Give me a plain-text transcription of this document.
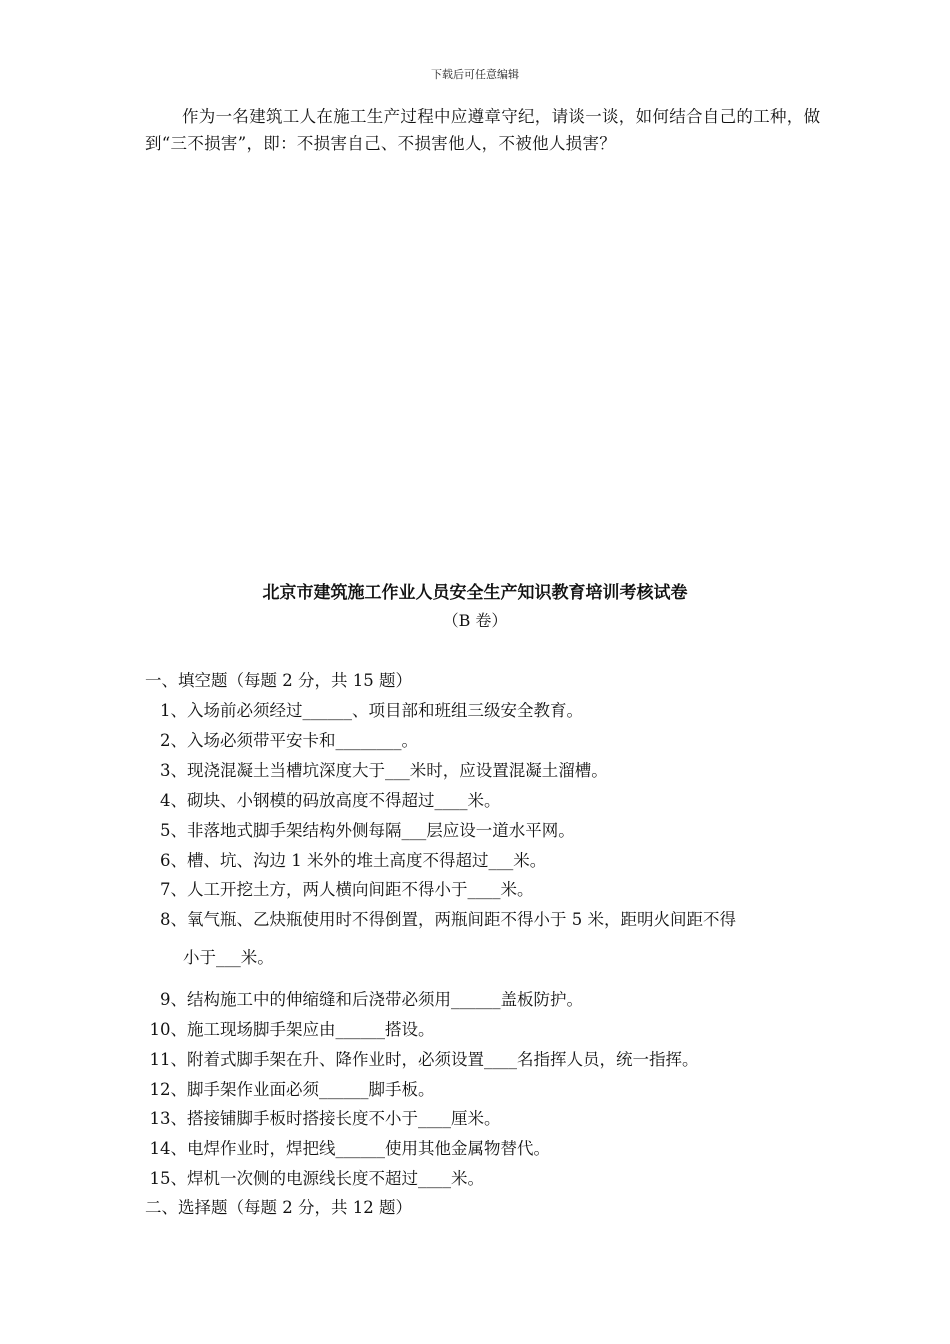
下载后可任意编辑
作为一名建筑工人在施工生产过程中应遵章守纪，请谈一谈，如何结合自己的工种，做到“三不损害”，即：不损害自己、不损害他人，不被他人损害？
北京市建筑施工作业人员安全生产知识教育培训考核试卷
（B 卷）
一、填空题（每题 2 分，共 15 题）
1、入场前必须经过______、项目部和班组三级安全教育。
2、入场必须带平安卡和________。
3、现浇混凝土当槽坑深度大于___米时，应设置混凝土溜槽。
4、砌块、小钢模的码放高度不得超过____米。
5、非落地式脚手架结构外侧每隔___层应设一道水平网。
6、槽、坑、沟边 1 米外的堆土高度不得超过___米。
7、人工开挖土方，两人横向间距不得小于____米。
8、氧气瓶、乙炔瓶使用时不得倒置，两瓶间距不得小于 5 米，距明火间距不得
小于___米。
9、结构施工中的伸缩缝和后浇带必须用______盖板防护。
10、施工现场脚手架应由______搭设。
11、附着式脚手架在升、降作业时，必须设置____名指挥人员，统一指挥。
12、脚手架作业面必须______脚手板。
13、搭接铺脚手板时搭接长度不小于____厘米。
14、电焊作业时，焊把线______使用其他金属物替代。
15、焊机一次侧的电源线长度不超过____米。
二、选择题（每题 2 分，共 12 题）
